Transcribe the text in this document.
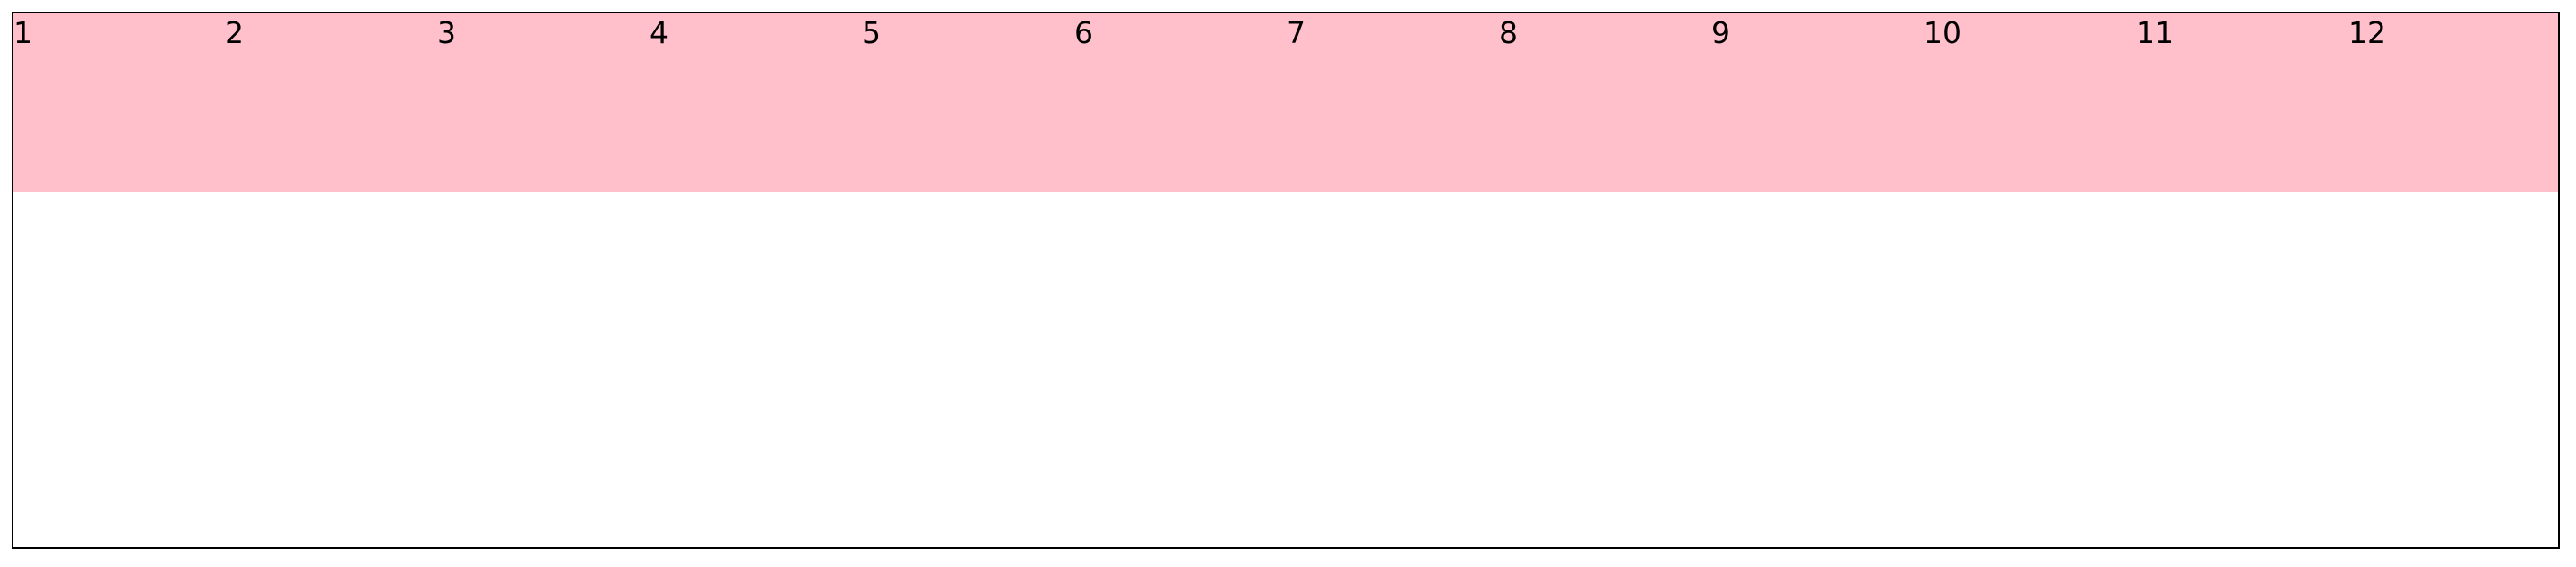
1	2	3	4	5	6	7	8	9	10	11	12
